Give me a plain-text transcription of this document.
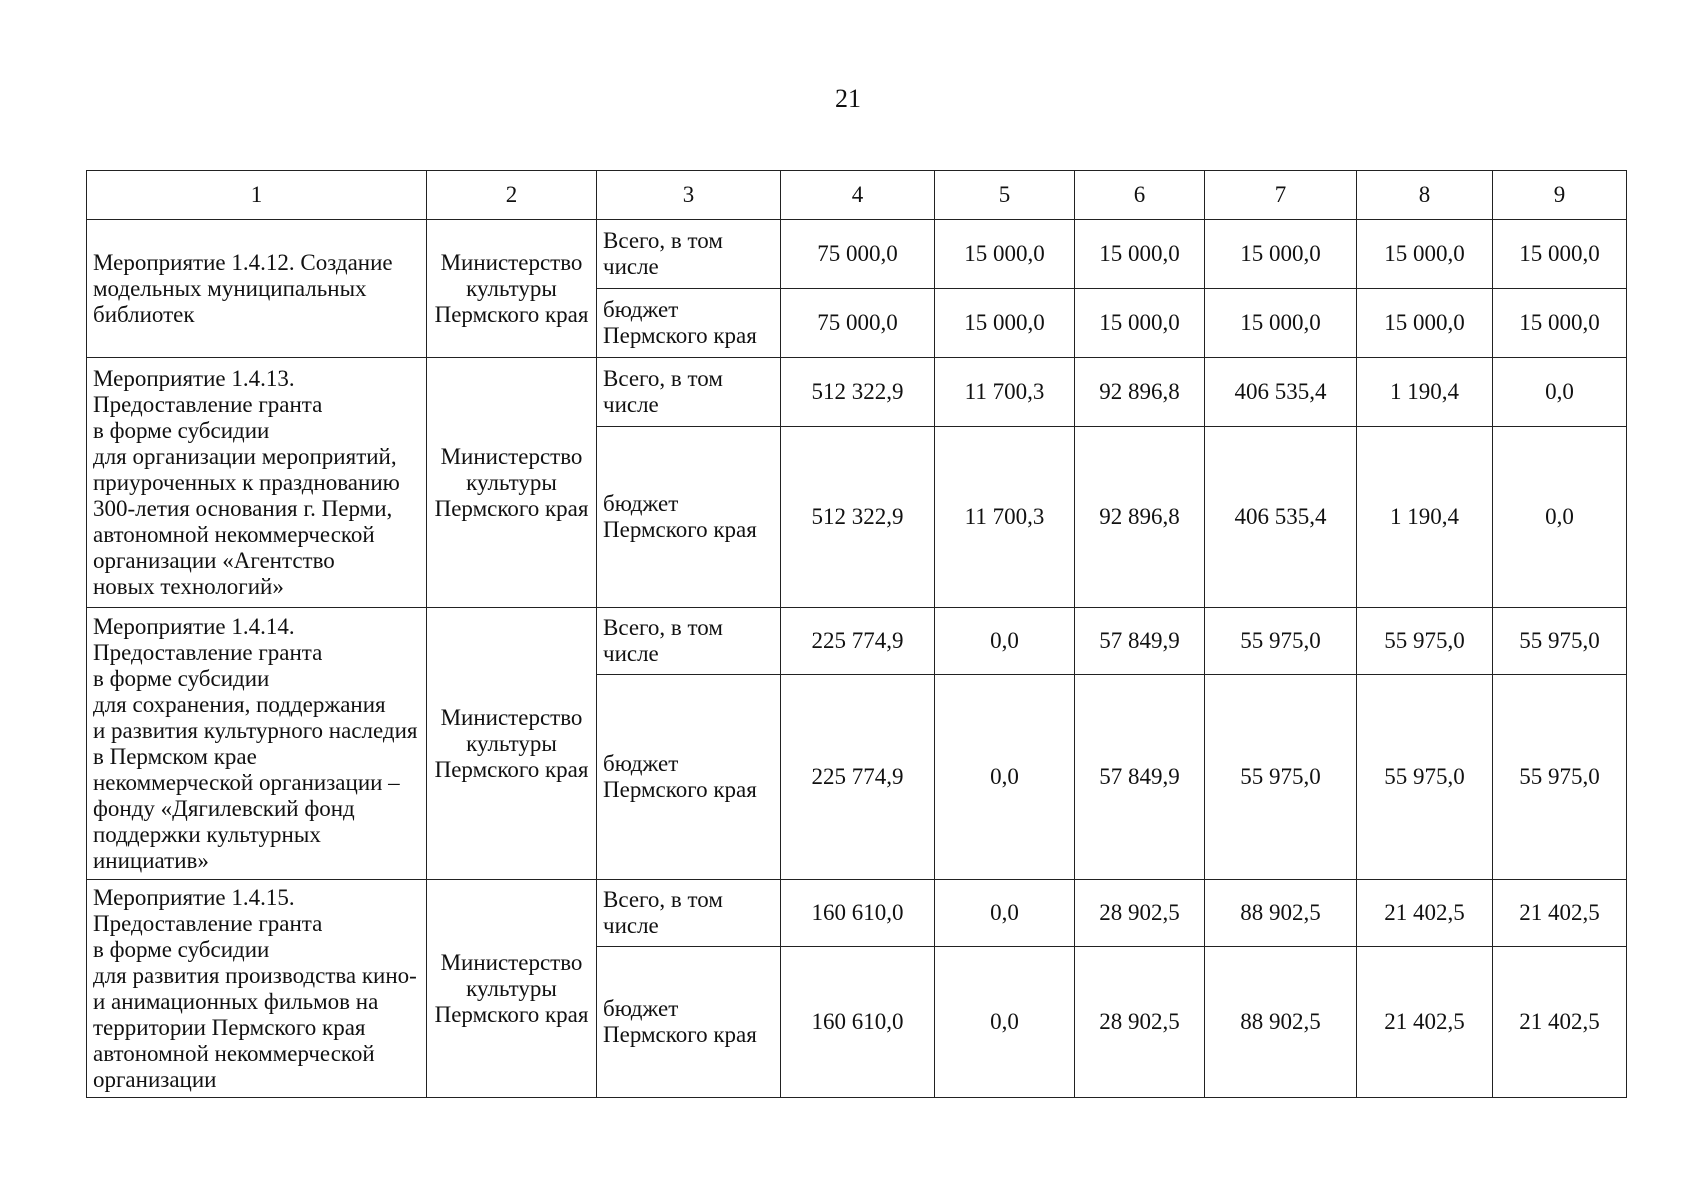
21
1	2	3	4	5	6	7	8	9
Мероприятие 1.4.12. Создание модельных муниципальных библиотек	Министерство культуры Пермского края	Всего, в том числе	75 000,0	15 000,0	15 000,0	15 000,0	15 000,0	15 000,0
		бюджет Пермского края	75 000,0	15 000,0	15 000,0	15 000,0	15 000,0	15 000,0
Мероприятие 1.4.13.
Предоставление гранта
в форме субсидии
для организации мероприятий, приуроченных к празднованию 300-летия основания г. Перми, автономной некоммерческой организации «Агентство
новых технологий»	Министерство культуры Пермского края	Всего, в том числе	512 322,9	11 700,3	92 896,8	406 535,4	1 190,4	0,0
		бюджет Пермского края	512 322,9	11 700,3	92 896,8	406 535,4	1 190,4	0,0
Мероприятие 1.4.14.
Предоставление гранта
в форме субсидии
для сохранения, поддержания
и развития культурного наследия в Пермском крае некоммерческой организации – фонду «Дягилевский фонд поддержки культурных инициатив»	Министерство культуры Пермского края	Всего, в том числе	225 774,9	0,0	57 849,9	55 975,0	55 975,0	55 975,0
		бюджет Пермского края	225 774,9	0,0	57 849,9	55 975,0	55 975,0	55 975,0
Мероприятие 1.4.15.
Предоставление гранта
в форме субсидии
для развития производства кино- и анимационных фильмов на территории Пермского края автономной некоммерческой организации	Министерство культуры Пермского края	Всего, в том числе	160 610,0	0,0	28 902,5	88 902,5	21 402,5	21 402,5
		бюджет Пермского края	160 610,0	0,0	28 902,5	88 902,5	21 402,5	21 402,5
